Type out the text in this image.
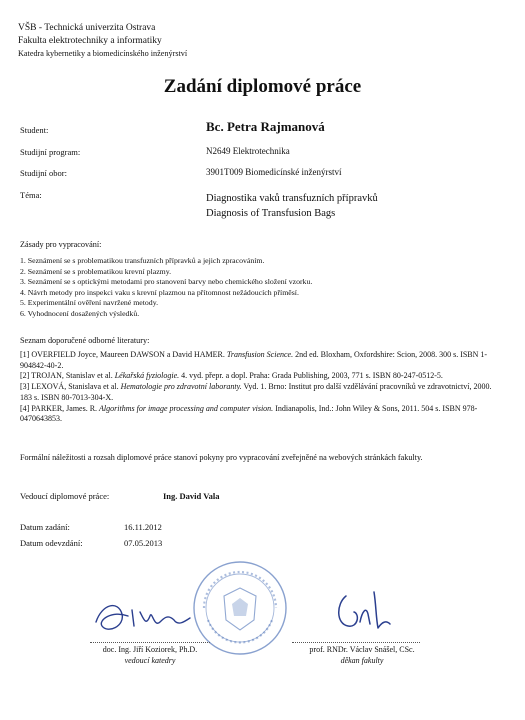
VŠB - Technická univerzita Ostrava
Fakulta elektrotechniky a informatiky
Katedra kybernetiky a biomedicínského inženýrství
Zadání diplomové práce
Student:	Bc. Petra Rajmanová
Studijní program:	N2649 Elektrotechnika
Studijní obor:	3901T009 Biomedicínské inženýrství
Téma:	Diagnostika vaků transfuzních přípravků
Diagnosis of Transfusion Bags
Zásady pro vypracování:
1. Seznámení se s problematikou transfuzních přípravků a jejich zpracováním.
2. Seznámení se s problematikou krevní plazmy.
3. Seznámení se s optickými metodami pro stanovení barvy nebo chemického složení vzorku.
4. Návrh metody pro inspekci vaku s krevní plazmou na přítomnost nežádoucích příměsí.
5. Experimentální ověření navržené metody.
6. Vyhodnocení dosažených výsledků.
Seznam doporučené odborné literatury:
[1] OVERFIELD Joyce, Maureen DAWSON a David HAMER. Transfusion Science. 2nd ed. Bloxham, Oxfordshire: Scion, 2008. 300 s. ISBN 1-904842-40-2.
[2] TROJAN, Stanislav et al. Lékařská fyziologie. 4. vyd. přepr. a dopl. Praha: Grada Publishing, 2003, 771 s. ISBN 80-247-0512-5.
[3] LEXOVÁ, Stanislava et al. Hematologie pro zdravotní laboranty. Vyd. 1. Brno: Institut pro další vzdělávání pracovníků ve zdravotnictví, 2000. 183 s. ISBN 80-7013-304-X.
[4] PARKER, James. R. Algorithms for image processing and computer vision. Indianapolis, Ind.: John Wiley & Sons, 2011. 504 s. ISBN 978-0470643853.
Formální náležitosti a rozsah diplomové práce stanoví pokyny pro vypracování zveřejněné na webových stránkách fakulty.
Vedoucí diplomové práce:	Ing. David Vala
Datum zadání:	16.11.2012
Datum odevzdání:	07.05.2013
doc. Ing. Jiří Koziorek, Ph.D.
vedoucí katedry
prof. RNDr. Václav Snášel, CSc.
děkan fakulty
